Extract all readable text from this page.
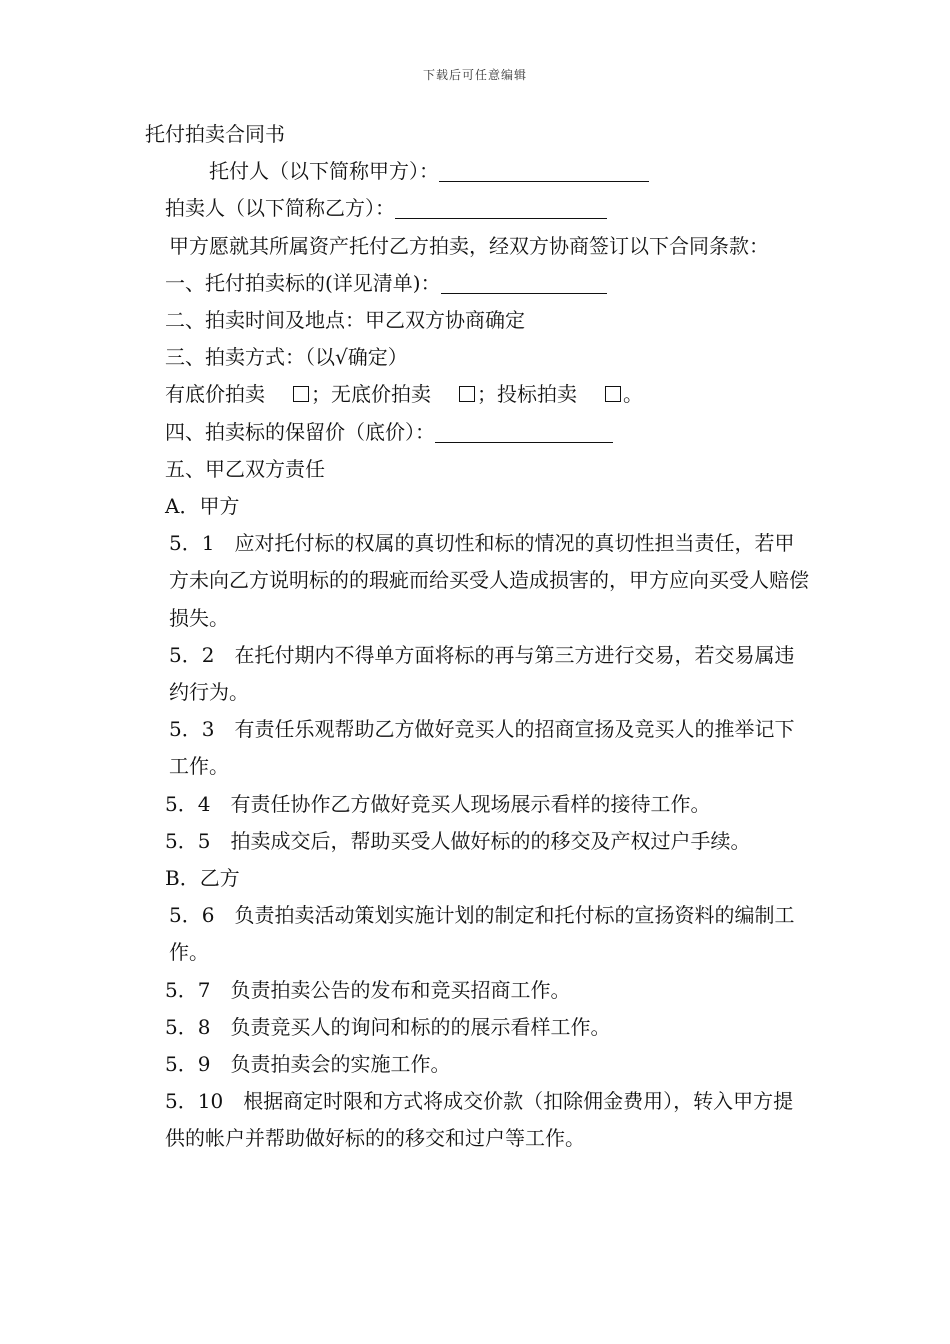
下载后可任意编辑

托付拍卖合同书

托付人（以下简称甲方）：

拍卖人（以下简称乙方）：

甲方愿就其所属资产托付乙方拍卖，经双方协商签订以下合同条款：

一、托付拍卖标的(详见清单)：

二、拍卖时间及地点：甲乙双方协商确定

三、拍卖方式：（以√确定）

有底价拍卖 ；无底价拍卖 ；投标拍卖 。

四、拍卖标的保留价（底价）：

五、甲乙双方责任

A．甲方

5．1 应对托付标的权属的真切性和标的情况的真切性担当责任，若甲方未向乙方说明标的的瑕疵而给买受人造成损害的，甲方应向买受人赔偿损失。

5．2 在托付期内不得单方面将标的再与第三方进行交易，若交易属违约行为。

5．3 有责任乐观帮助乙方做好竞买人的招商宣扬及竞买人的推举记下工作。

5．4 有责任协作乙方做好竞买人现场展示看样的接待工作。

5．5 拍卖成交后，帮助买受人做好标的的移交及产权过户手续。

B．乙方

5．6 负责拍卖活动策划实施计划的制定和托付标的宣扬资料的编制工作。

5．7 负责拍卖公告的发布和竞买招商工作。

5．8 负责竞买人的询问和标的的展示看样工作。

5．9 负责拍卖会的实施工作。

5．10 根据商定时限和方式将成交价款（扣除佣金费用），转入甲方提供的帐户并帮助做好标的的移交和过户等工作。
